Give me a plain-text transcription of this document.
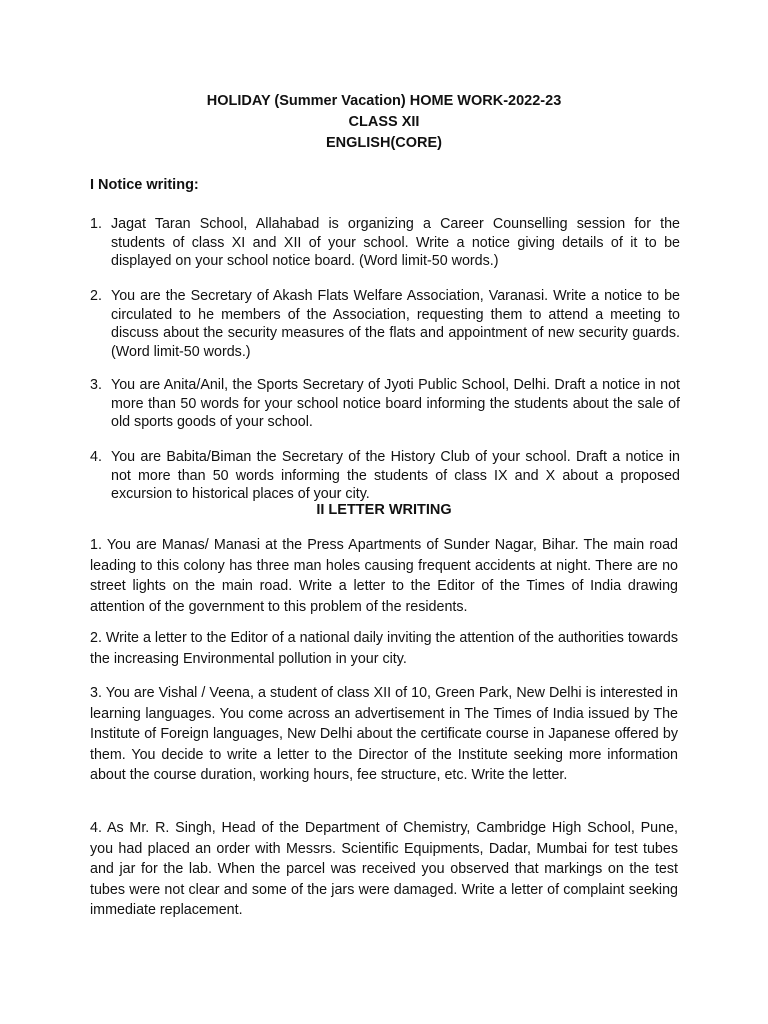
HOLIDAY (Summer Vacation) HOME WORK-2022-23
CLASS XII
ENGLISH(CORE)
I Notice writing:
1. Jagat Taran School, Allahabad is organizing a Career Counselling session for the students of class XI and XII of your school. Write a notice giving details of it to be displayed on your school notice board. (Word limit-50 words.)
2. You are the Secretary of Akash Flats Welfare Association, Varanasi. Write a notice to be circulated to he members of the Association, requesting them to attend a meeting to discuss about the security measures of the flats and appointment of new security guards. (Word limit-50 words.)
3. You are Anita/Anil, the Sports Secretary of Jyoti Public School, Delhi. Draft a notice in not more than 50 words for your school notice board informing the students about the sale of old sports goods of your school.
4. You are Babita/Biman the Secretary of the History Club of your school. Draft a notice in not more than 50 words informing the students of class IX and X about a proposed excursion to historical places of your city.
II LETTER WRITING
1. You are Manas/ Manasi at the Press Apartments of Sunder Nagar, Bihar. The main road leading to this colony has three man holes causing frequent accidents at night. There are no street lights on the main road. Write a letter to the Editor of the Times of India drawing attention of the government to this problem of the residents.
2. Write a letter to the Editor of a national daily inviting the attention of the authorities towards the increasing Environmental pollution in your city.
3. You are Vishal / Veena, a student of class XII of 10, Green Park, New Delhi is interested in learning languages. You come across an advertisement in The Times of India issued by The Institute of Foreign languages, New Delhi about the certificate course in Japanese offered by them. You decide to write a letter to the Director of the Institute seeking more information about the course duration, working hours, fee structure, etc. Write the letter.
4. As Mr. R. Singh, Head of the Department of Chemistry, Cambridge High School, Pune, you had placed an order with Messrs. Scientific Equipments, Dadar, Mumbai for test tubes and jar for the lab. When the parcel was received you observed that markings on the test tubes were not clear and some of the jars were damaged. Write a letter of complaint seeking immediate replacement.
